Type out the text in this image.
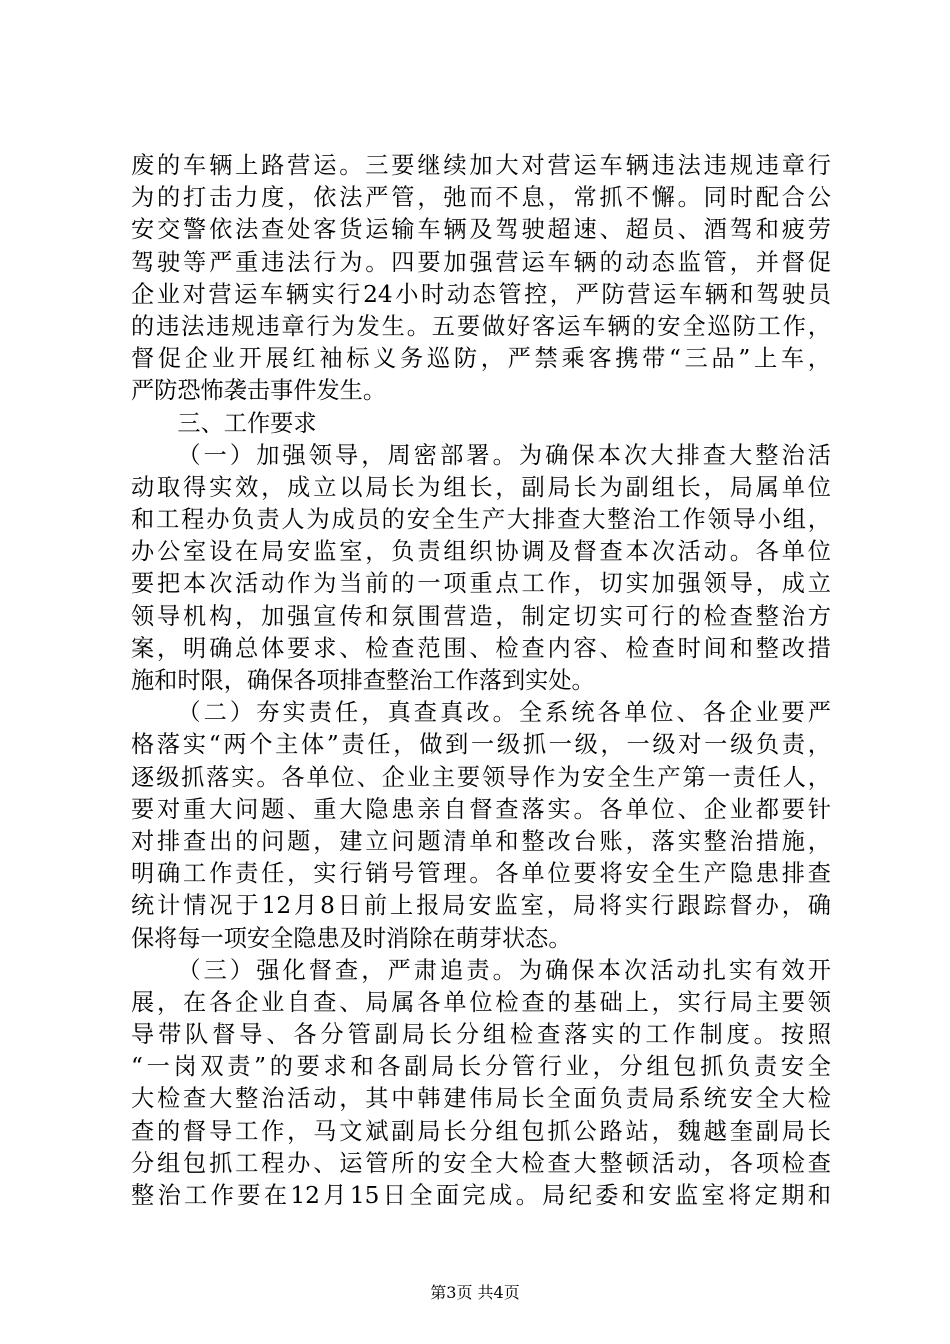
废的车辆上路营运。三要继续加大对营运车辆违法违规违章行
为的打击力度，依法严管，弛而不息，常抓不懈。同时配合公
安交警依法查处客货运输车辆及驾驶超速、超员、酒驾和疲劳
驾驶等严重违法行为。四要加强营运车辆的动态监管，并督促
企业对营运车辆实行24小时动态管控，严防营运车辆和驾驶员
的违法违规违章行为发生。五要做好客运车辆的安全巡防工作，
督促企业开展红袖标义务巡防，严禁乘客携带“三品”上车，
严防恐怖袭击事件发生。
三、工作要求
（一）加强领导，周密部署。为确保本次大排查大整治活
动取得实效，成立以局长为组长，副局长为副组长，局属单位
和工程办负责人为成员的安全生产大排查大整治工作领导小组，
办公室设在局安监室，负责组织协调及督查本次活动。各单位
要把本次活动作为当前的一项重点工作，切实加强领导，成立
领导机构，加强宣传和氛围营造，制定切实可行的检查整治方
案，明确总体要求、检查范围、检查内容、检查时间和整改措
施和时限，确保各项排查整治工作落到实处。
（二）夯实责任，真查真改。全系统各单位、各企业要严
格落实“两个主体”责任，做到一级抓一级，一级对一级负责，
逐级抓落实。各单位、企业主要领导作为安全生产第一责任人，
要对重大问题、重大隐患亲自督查落实。各单位、企业都要针
对排查出的问题，建立问题清单和整改台账，落实整治措施，
明确工作责任，实行销号管理。各单位要将安全生产隐患排查
统计情况于12月8日前上报局安监室，局将实行跟踪督办，确
保将每一项安全隐患及时消除在萌芽状态。
（三）强化督查，严肃追责。为确保本次活动扎实有效开
展，在各企业自查、局属各单位检查的基础上，实行局主要领
导带队督导、各分管副局长分组检查落实的工作制度。按照
“一岗双责”的要求和各副局长分管行业，分组包抓负责安全
大检查大整治活动，其中韩建伟局长全面负责局系统安全大检
查的督导工作，马文斌副局长分组包抓公路站，魏越奎副局长
分组包抓工程办、运管所的安全大检查大整顿活动，各项检查
整治工作要在12月15日全面完成。局纪委和安监室将定期和
第3页 共4页
